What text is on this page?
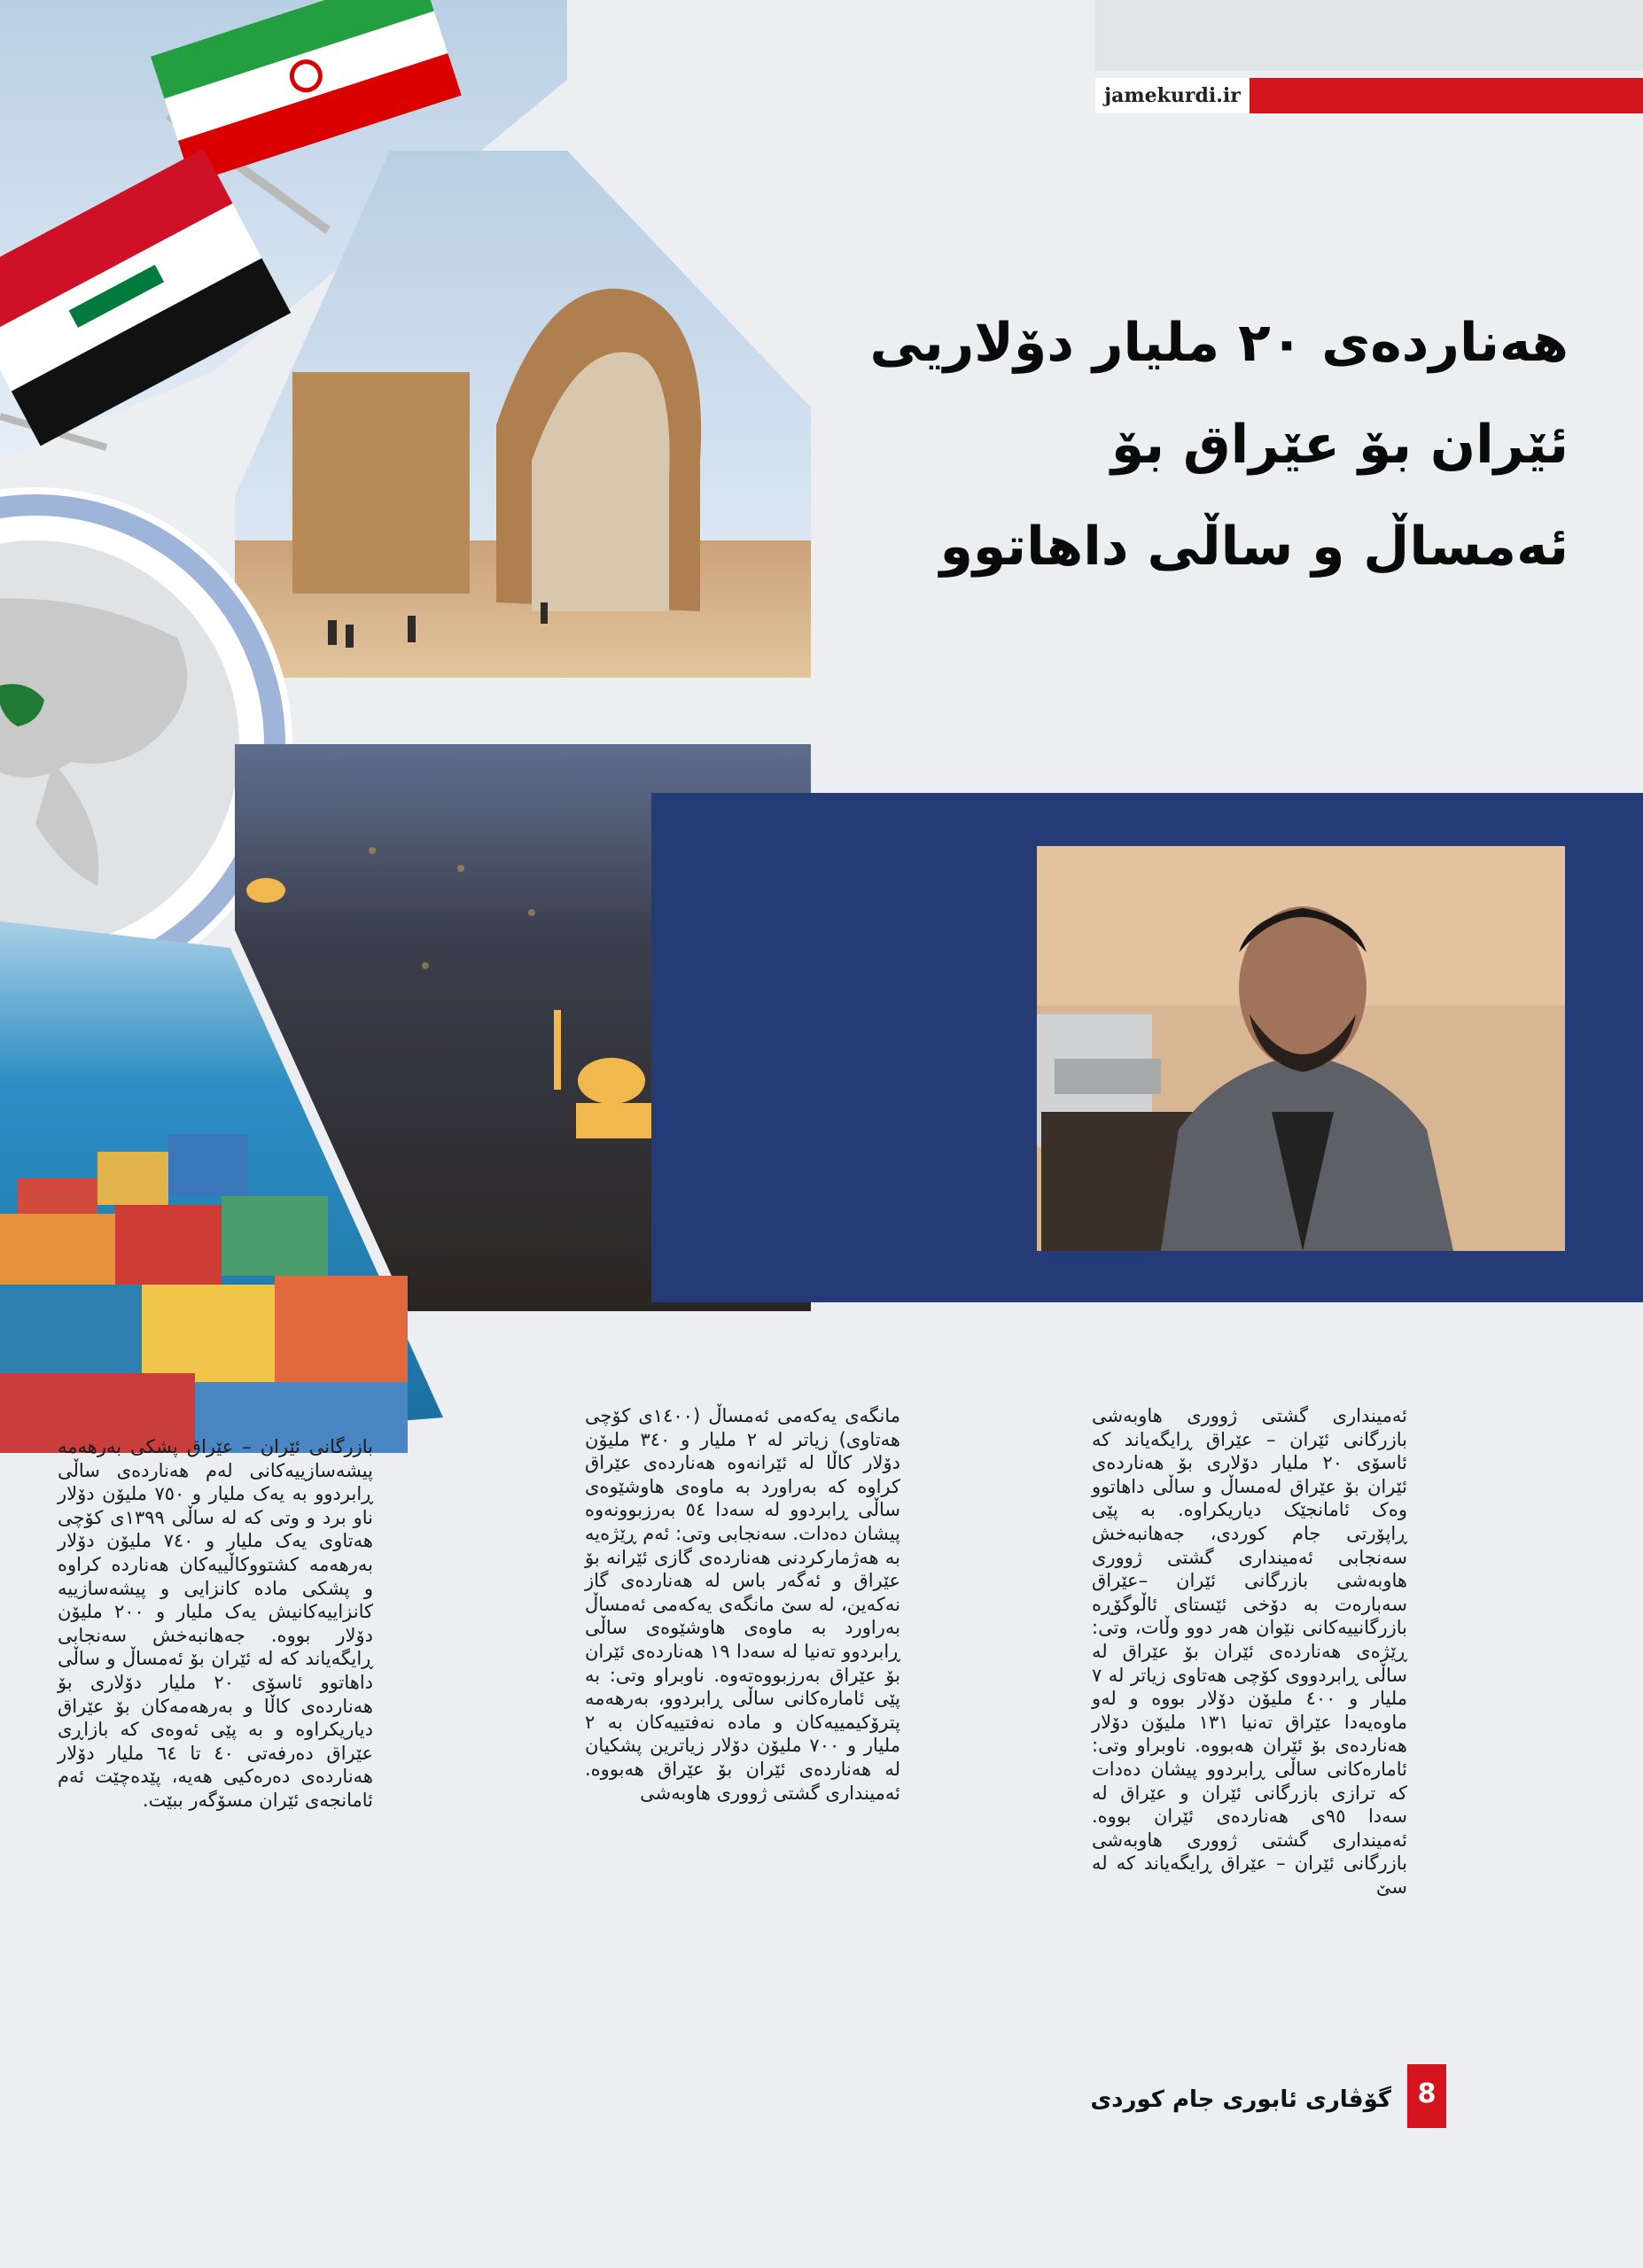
jamekurdi.ir
هەناردەی ٢٠ مليار دۆلاريی
ئێران بۆ عێراق بۆ
ئەمساڵ و ساڵی داهاتوو

ئەمیندارى گشتى ژوورى هاوبەشى بازرگانی ئێران – عێراق ڕایگەیاند کە ئاسۆی ٢٠ مليار دۆلاری بۆ هەناردەی ئێران بۆ عێراق لەمساڵ و ساڵی داهاتوو وەک ئامانجێک دیاریکراوە. بە پێی ڕاپۆرتی جام کوردی، جەهانبەخش سەنجابی ئەمیندارى گشتى ژوورى هاوبەشى بازرگانى ئێران –عێراق سەبارەت بە دۆخی ئێستای ئاڵوگۆڕە بازرگانییەکانی نێوان هەر دوو وڵات، وتی: ڕێژەی هەناردەی ئێران بۆ عێراق لە ساڵی ڕابردووی کۆچی هەتاوی زیاتر لە ٧ مليار و ٤٠٠ ملیۆن دۆلار بووە و لەو ماوەیەدا عێراق تەنیا ١٣١ ملیۆن دۆلار هەناردەی بۆ ئێران هەبووە. ناوبراو وتی: ئامارەکانی ساڵی ڕابردوو پیشان دەدات کە ترازی بازرگانی ئێران و عێراق لە سەدا ٩٥ی هەناردەی ئێران بووە. ئەمیندارى گشتى ژوورى هاوبەشى بازرگانی ئێران – عێراق ڕایگەیاند کە لە سێ

مانگەی یەکەمی ئەمساڵ (١٤٠٠ی کۆچی هەتاوی) زیاتر لە ٢ مليار و ٣٤٠ ملیۆن دۆلار کاڵا لە ئێرانەوە هەناردەی عێراق کراوە کە بەراورد بە ماوەی هاوشێوەی ساڵی ڕابردوو لە سەدا ٥٤ بەرزبوونەوە پیشان دەدات. سەنجابی وتی: ئەم ڕێژەیە بە هەژمارکردنی هەناردەی گازی ئێرانە بۆ عێراق و ئەگەر باس لە هەناردەی گاز نەکەین، لە سێ مانگەی یەکەمی ئەمساڵ بەراورد بە ماوەی هاوشێوەی ساڵی ڕابردوو تەنیا لە سەدا ١٩ هەناردەی ئێران بۆ عێراق بەرزبووەتەوە. ناوبراو وتی: بە پێی ئامارەکانی ساڵی ڕابردوو، بەرهەمە پترۆکیمییەکان و مادە نەفتییەکان بە ٢ مليار و ٧٠٠ ملیۆن دۆلار زیاترین پشکیان لە هەناردەی ئێران بۆ عێراق هەبووە. ئەمیندارى گشتى ژوورى هاوبەشى

بازرگانی ئێران – عێراق پشکی بەرهەمە پیشەسازییەکانی لەم هەناردەی ساڵی ڕابردوو بە یەک مليار و ٧٥٠ ملیۆن دۆلار ناو برد و وتی کە لە ساڵی ١٣٩٩ی کۆچی هەتاوی یەک مليار و ٧٤٠ ملیۆن دۆلار بەرهەمە کشتووکاڵییەکان هەناردە کراوە و پشکی مادە کانزایی و پیشەسازییە کانزاییەکانیش یەک مليار و ٢٠٠ ملیۆن دۆلار بووە. جەهانبەخش سەنجابی ڕایگەیاند کە لە ئێران بۆ ئەمساڵ و ساڵی داهاتوو ئاسۆی ٢٠ مليار دۆلاری بۆ هەناردەی کاڵا و بەرهەمەکان بۆ عێراق دیاریکراوە و بە پێی ئەوەی کە بازاڕی عێراق دەرفەتی ٤٠ تا ٦٤ مليار دۆلار هەناردەی دەرەکیی هەیە، پێدەچێت ئەم ئامانجەی ئێران مسۆگەر ببێت.

گۆڤاری ئابوری جام کوردی 8
